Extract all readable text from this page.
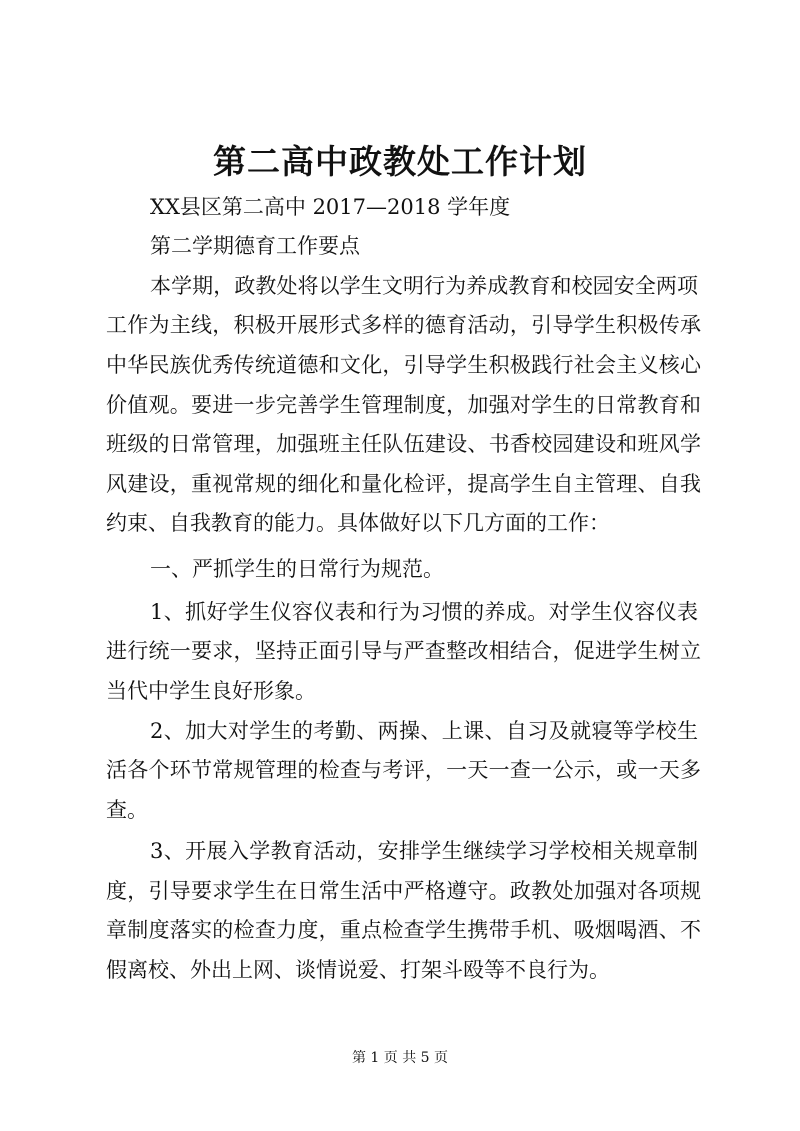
第二高中政教处工作计划
XX县区第二高中 2017—2018 学年度
第二学期德育工作要点
本学期，政教处将以学生文明行为养成教育和校园安全两项
工作为主线，积极开展形式多样的德育活动，引导学生积极传承
中华民族优秀传统道德和文化，引导学生积极践行社会主义核心
价值观。要进一步完善学生管理制度，加强对学生的日常教育和
班级的日常管理，加强班主任队伍建设、书香校园建设和班风学
风建设，重视常规的细化和量化检评，提高学生自主管理、自我
约束、自我教育的能力。具体做好以下几方面的工作：
一、严抓学生的日常行为规范。
1、抓好学生仪容仪表和行为习惯的养成。对学生仪容仪表
进行统一要求，坚持正面引导与严查整改相结合，促进学生树立
当代中学生良好形象。
2、加大对学生的考勤、两操、上课、自习及就寝等学校生
活各个环节常规管理的检查与考评，一天一查一公示，或一天多
查。
3、开展入学教育活动，安排学生继续学习学校相关规章制
度，引导要求学生在日常生活中严格遵守。政教处加强对各项规
章制度落实的检查力度，重点检查学生携带手机、吸烟喝酒、不
假离校、外出上网、谈情说爱、打架斗殴等不良行为。
第 1 页 共 5 页
